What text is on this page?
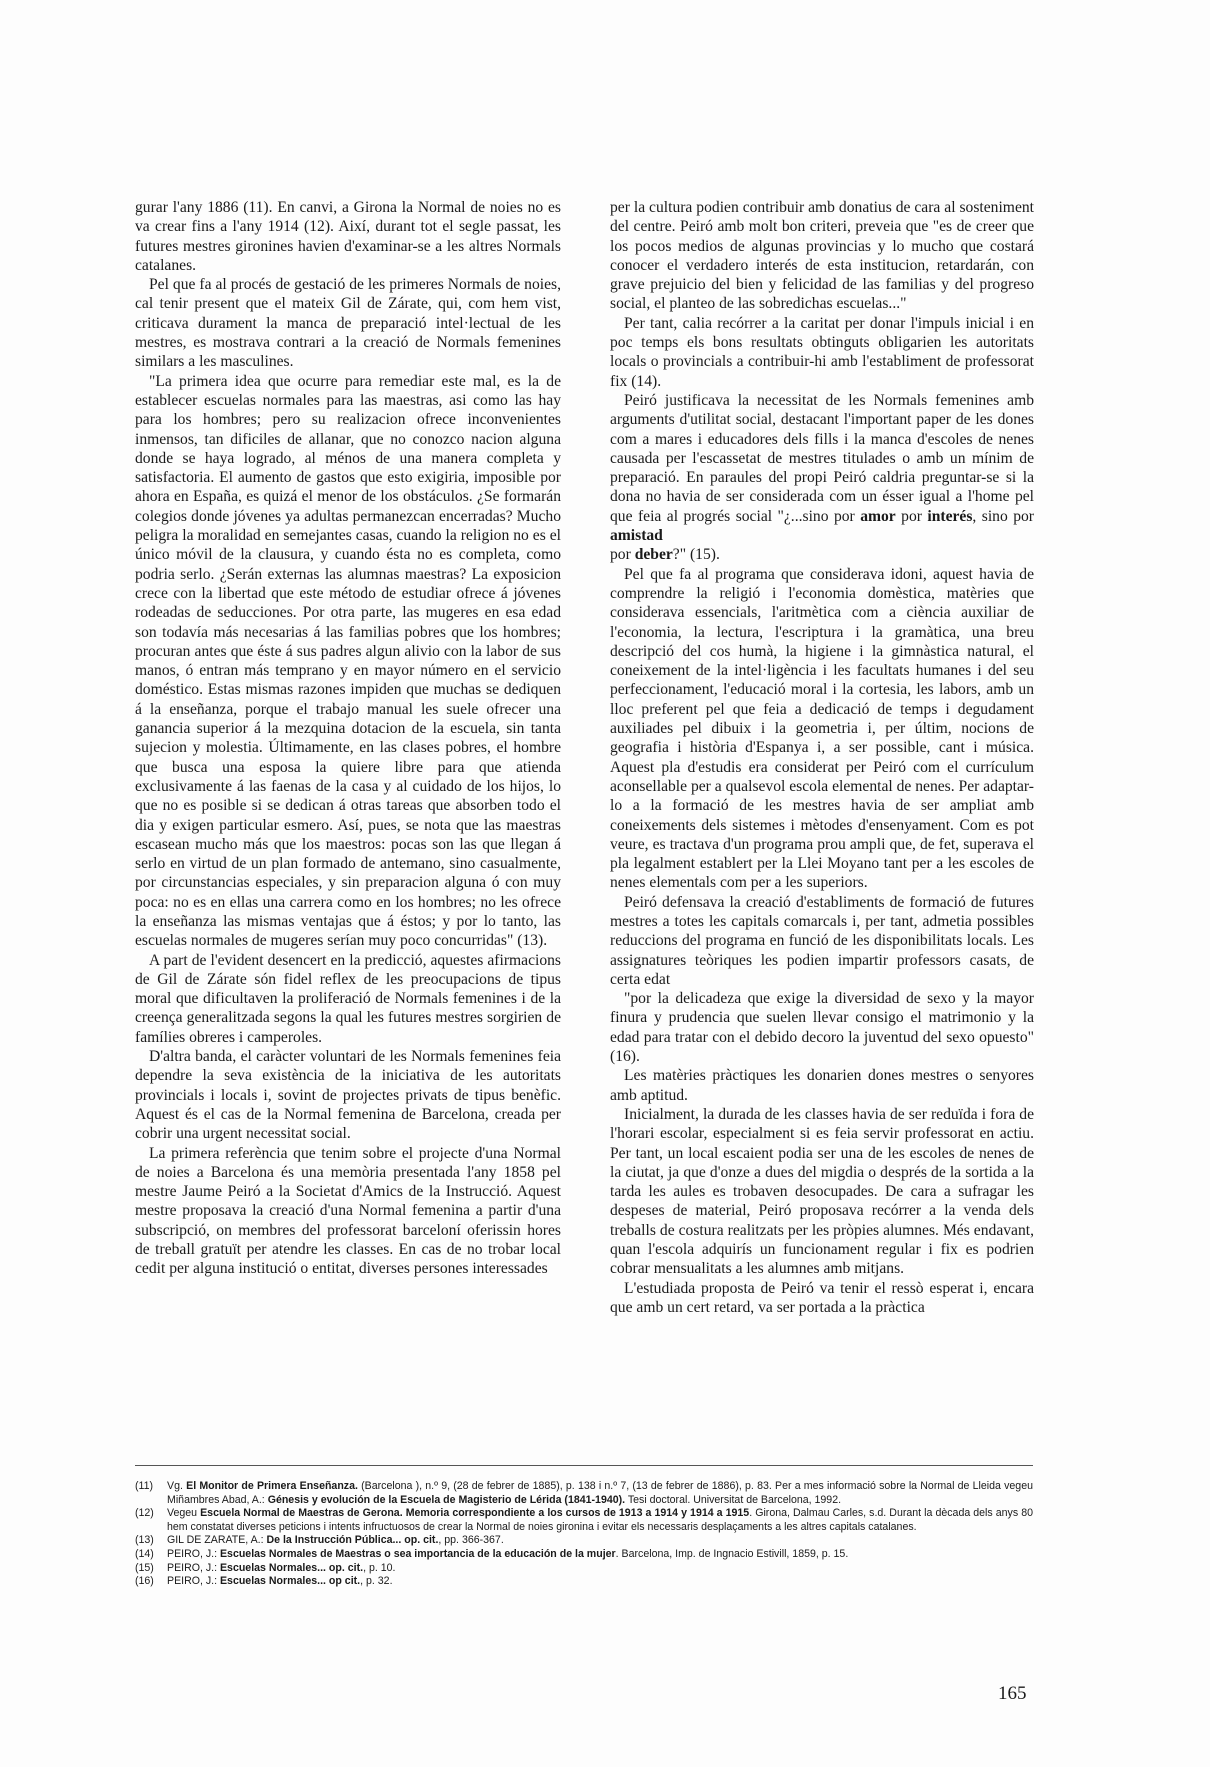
gurar l'any 1886 (11). En canvi, a Girona la Normal de noies no es va crear fins a l'any 1914 (12). Així, durant tot el segle passat, les futures mestres gironines havien d'examinar-se a les altres Normals catalanes.

Pel que fa al procés de gestació de les primeres Normals de noies, cal tenir present que el mateix Gil de Zárate, qui, com hem vist, criticava durament la manca de preparació intel·lectual de les mestres, es mostrava contrari a la creació de Normals femenines similars a les masculines.

"La primera idea que ocurre para remediar este mal, es la de establecer escuelas normales para las maestras, asi como las hay para los hombres; pero su realizacion ofrece inconvenientes inmensos, tan dificiles de allanar, que no conozco nacion alguna donde se haya logrado, al ménos de una manera completa y satisfactoria. El aumento de gastos que esto exigiria, imposible por ahora en España, es quizá el menor de los obstáculos. ¿Se formarán colegios donde jóvenes ya adultas permanezcan encerradas? Mucho peligra la moralidad en semejantes casas, cuando la religion no es el único móvil de la clausura, y cuando ésta no es completa, como podria serlo. ¿Serán externas las alumnas maestras? La exposicion crece con la libertad que este método de estudiar ofrece á jóvenes rodeadas de seducciones. Por otra parte, las mugeres en esa edad son todavía más necesarias á las familias pobres que los hombres; procuran antes que éste á sus padres algun alivio con la labor de sus manos, ó entran más temprano y en mayor número en el servicio doméstico. Estas mismas razones impiden que muchas se dediquen á la enseñanza, porque el trabajo manual les suele ofrecer una ganancia superior á la mezquina dotacion de la escuela, sin tanta sujecion y molestia. Últimamente, en las clases pobres, el hombre que busca una esposa la quiere libre para que atienda exclusivamente á las faenas de la casa y al cuidado de los hijos, lo que no es posible si se dedican á otras tareas que absorben todo el dia y exigen particular esmero. Así, pues, se nota que las maestras escasean mucho más que los maestros: pocas son las que llegan á serlo en virtud de un plan formado de antemano, sino casualmente, por circunstancias especiales, y sin preparacion alguna ó con muy poca: no es en ellas una carrera como en los hombres; no les ofrece la enseñanza las mismas ventajas que á éstos; y por lo tanto, las escuelas normales de mugeres serían muy poco concurridas" (13).

A part de l'evident desencert en la predicció, aquestes afirmacions de Gil de Zárate són fidel reflex de les preocupacions de tipus moral que dificultaven la proliferació de Normals femenines i de la creença generalitzada segons la qual les futures mestres sorgirien de famílies obreres i camperoles.

D'altra banda, el caràcter voluntari de les Normals femenines feia dependre la seva existència de la iniciativa de les autoritats provincials i locals i, sovint de projectes privats de tipus benèfic. Aquest és el cas de la Normal femenina de Barcelona, creada per cobrir una urgent necessitat social.

La primera referència que tenim sobre el projecte d'una Normal de noies a Barcelona és una memòria presentada l'any 1858 pel mestre Jaume Peiró a la Societat d'Amics de la Instrucció. Aquest mestre proposava la creació d'una Normal femenina a partir d'una subscripció, on membres del professorat barceloní oferissin hores de treball gratuït per atendre les classes. En cas de no trobar local cedit per alguna institució o entitat, diverses persones interessades

per la cultura podien contribuir amb donatius de cara al sosteniment del centre. Peiró amb molt bon criteri, preveia que "es de creer que los pocos medios de algunas provincias y lo mucho que costará conocer el verdadero interés de esta institucion, retardarán, con grave prejuicio del bien y felicidad de las familias y del progreso social, el planteo de las sobredichas escuelas..."

Per tant, calia recórrer a la caritat per donar l'impuls inicial i en poc temps els bons resultats obtinguts obligarien les autoritats locals o provincials a contribuir-hi amb l'establiment de professorat fix (14).

Peiró justificava la necessitat de les Normals femenines amb arguments d'utilitat social, destacant l'important paper de les dones com a mares i educadores dels fills i la manca d'escoles de nenes causada per l'escassetat de mestres titulades o amb un mínim de preparació. En paraules del propi Peiró caldria preguntar-se si la dona no havia de ser considerada com un ésser igual a l'home pel que feia al progrés social "¿...sino por amor por interés, sino por amistad
por deber?" (15).

Pel que fa al programa que considerava idoni, aquest havia de comprendre la religió i l'economia domèstica, matèries que considerava essencials, l'aritmètica com a ciència auxiliar de l'economia, la lectura, l'escriptura i la gramàtica, una breu descripció del cos humà, la higiene i la gimnàstica natural, el coneixement de la intel·ligència i les facultats humanes i del seu perfeccionament, l'educació moral i la cortesia, les labors, amb un lloc preferent pel que feia a dedicació de temps i degudament auxiliades pel dibuix i la geometria i, per últim, nocions de geografia i història d'Espanya i, a ser possible, cant i música. Aquest pla d'estudis era considerat per Peiró com el currículum aconsellable per a qualsevol escola elemental de nenes. Per adaptar-lo a la formació de les mestres havia de ser ampliat amb coneixements dels sistemes i mètodes d'ensenyament. Com es pot veure, es tractava d'un programa prou ampli que, de fet, superava el pla legalment establert per la Llei Moyano tant per a les escoles de nenes elementals com per a les superiors.

Peiró defensava la creació d'establiments de formació de futures mestres a totes les capitals comarcals i, per tant, admetia possibles reduccions del programa en funció de les disponibilitats locals. Les assignatures teòriques les podien impartir professors casats, de certa edat

"por la delicadeza que exige la diversidad de sexo y la mayor finura y prudencia que suelen llevar consigo el matrimonio y la edad para tratar con el debido decoro la juventud del sexo opuesto" (16).

Les matèries pràctiques les donarien dones mestres o senyores amb aptitud.

Inicialment, la durada de les classes havia de ser reduïda i fora de l'horari escolar, especialment si es feia servir professorat en actiu. Per tant, un local escaient podia ser una de les escoles de nenes de la ciutat, ja que d'onze a dues del migdia o després de la sortida a la tarda les aules es trobaven desocupades. De cara a sufragar les despeses de material, Peiró proposava recórrer a la venda dels treballs de costura realitzats per les pròpies alumnes. Més endavant, quan l'escola adquirís un funcionament regular i fix es podrien cobrar mensualitats a les alumnes amb mitjans.

L'estudiada proposta de Peiró va tenir el ressò esperat i, encara que amb un cert retard, va ser portada a la pràctica

(11)	Vg. El Monitor de Primera Enseñanza. (Barcelona ), n.º 9, (28 de febrer de 1885), p. 138 i n.º 7, (13 de febrer de 1886), p. 83. Per a mes informació sobre la Normal de Lleida vegeu Miñambres Abad, A.: Génesis y evolución de la Escuela de Magisterio de Lérida (1841-1940). Tesi doctoral. Universitat de Barcelona, 1992.
(12)	Vegeu Escuela Normal de Maestras de Gerona. Memoria correspondiente a los cursos de 1913 a 1914 y 1914 a 1915. Girona, Dalmau Carles, s.d. Durant la dècada dels anys 80 hem constatat diverses peticions i intents infructuosos de crear la Normal de noies gironina i evitar els necessaris desplaçaments a les altres capitals catalanes.
(13)	GIL DE ZARATE, A.: De la Instrucción Pública... op. cit., pp. 366-367.
(14)	PEIRO, J.: Escuelas Normales de Maestras o sea importancia de la educación de la mujer. Barcelona, Imp. de Ingnacio Estivill, 1859, p. 15.
(15)	PEIRO, J.: Escuelas Normales... op. cit., p. 10.
(16)	PEIRO, J.: Escuelas Normales... op cit., p. 32.
165
